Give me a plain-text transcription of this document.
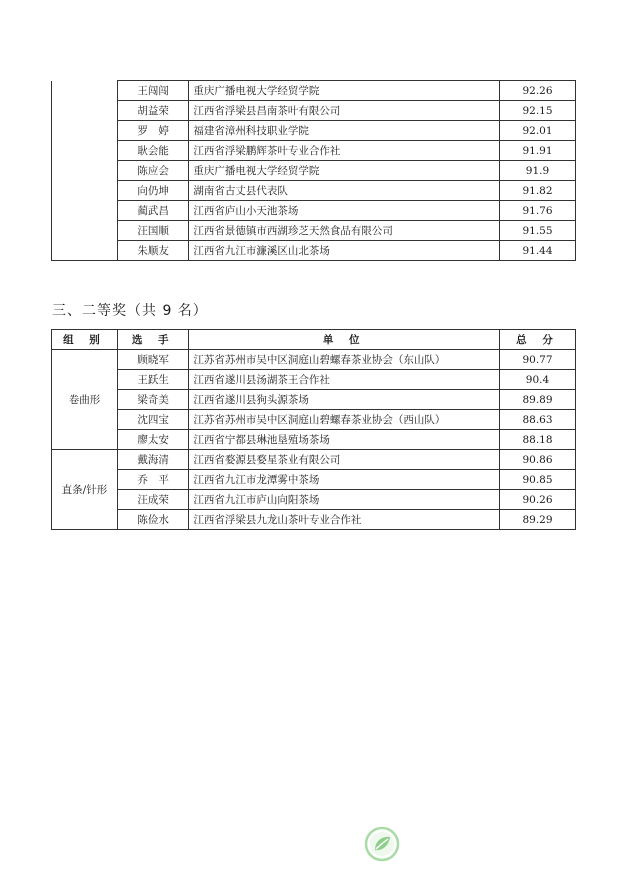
	王闯闯	重庆广播电视大学经贸学院	92.26
	胡益荣	江西省浮梁县昌南茶叶有限公司	92.15
	罗　婷	福建省漳州科技职业学院	92.01
	耿会能	江西省浮梁鹏辉茶叶专业合作社	91.91
	陈应会	重庆广播电视大学经贸学院	91.9
	向仍坤	湖南省古丈县代表队	91.82
	蔺武昌	江西省庐山小天池茶场	91.76
	汪国顺	江西省景德镇市西湖珍芝天然食品有限公司	91.55
	朱顺友	江西省九江市濂溪区山北茶场	91.44
三、二等奖（共 9 名）
组 别	选 手	单 位	总 分
卷曲形	顾晓军	江苏省苏州市吴中区洞庭山碧螺春茶业协会（东山队）	90.77
	王跃生	江西省遂川县汤湖茶王合作社	90.4
	梁奇美	江西省遂川县狗头源茶场	89.89
	沈四宝	江苏省苏州市吴中区洞庭山碧螺春茶业协会（西山队）	88.63
	廖太安	江西省宁都县琳池垦殖场茶场	88.18
直条/针形	戴海清	江西省婺源县婺星茶业有限公司	90.86
	乔　平	江西省九江市龙潭雾中茶场	90.85
	汪成荣	江西省九江市庐山向阳茶场	90.26
	陈俭水	江西省浮梁县九龙山茶叶专业合作社	89.29
